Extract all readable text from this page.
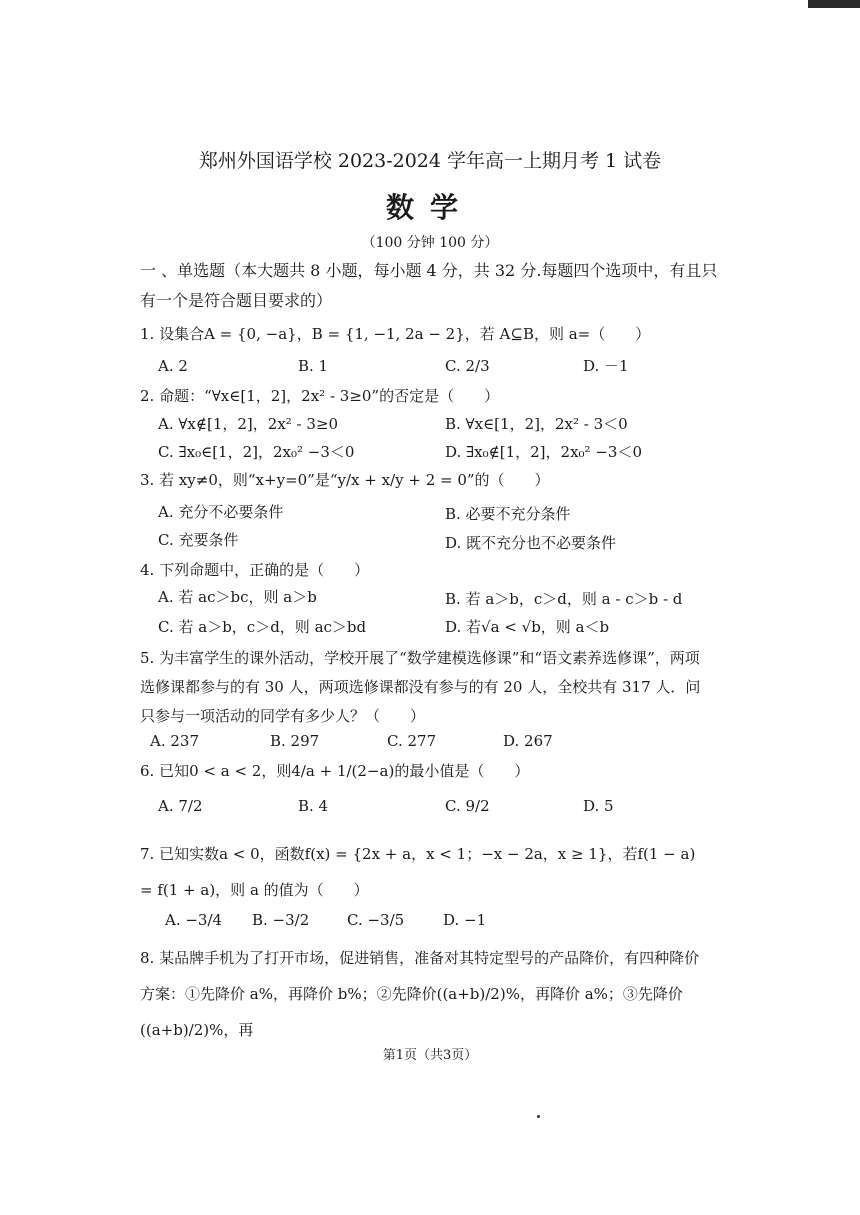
郑州外国语学校 2023-2024 学年高一上期月考 1 试卷
数学
（100 分钟 100 分）
一 、单选题（本大题共 8 小题，每小题 4 分，共 32 分.每题四个选项中，有且只有一个是符合题目要求的）
1. 设集合A = {0, −a}，B = {1, −1, 2a − 2}，若 A⊆B，则 a=（　　）
A. 2	B. 1	C. 2/3	D. －1
2. 命题：“∀x∈[1，2]，2x² - 3≥0”的否定是（　　）
A. ∀x∉[1，2]，2x² - 3≥0	B. ∀x∈[1，2]，2x² - 3＜0
C. ∃x₀∈[1，2]，2x₀² −3＜0	D. ∃x₀∉[1，2]，2x₀² −3＜0
3. 若 xy≠0，则“x+y=0”是“y/x + x/y + 2 = 0”的（　　）
A. 充分不必要条件	B. 必要不充分条件
C. 充要条件	D. 既不充分也不必要条件
4. 下列命题中，正确的是（　　）
A. 若 ac＞bc，则 a＞b	B. 若 a＞b，c＞d，则 a - c＞b - d
C. 若 a＞b，c＞d，则 ac＞bd	D. 若√a < √b，则 a＜b
5. 为丰富学生的课外活动，学校开展了“数学建模选修课”和“语文素养选修课”，两项选修课都参与的有 30 人，两项选修课都没有参与的有 20 人，全校共有 317 人．问只参与一项活动的同学有多少人？（　　）
A. 237	B. 297	C. 277	D. 267
6. 已知0 < a < 2，则4/a + 1/(2−a)的最小值是（　　）
A. 7/2	B. 4	C. 9/2	D. 5
7. 已知实数a < 0，函数f(x) = {2x + a，x < 1；−x − 2a，x ≥ 1}，若f(1 − a) = f(1 + a)，则 a 的值为（　　）
A. −3/4 B. −3/2	C. −3/5	D. −1
8. 某品牌手机为了打开市场，促进销售，准备对其特定型号的产品降价，有四种降价方案：①先降价 a%，再降价 b%；②先降价((a+b)/2)%，再降价 a%；③先降价((a+b)/2)%，再
第1页（共3页）
